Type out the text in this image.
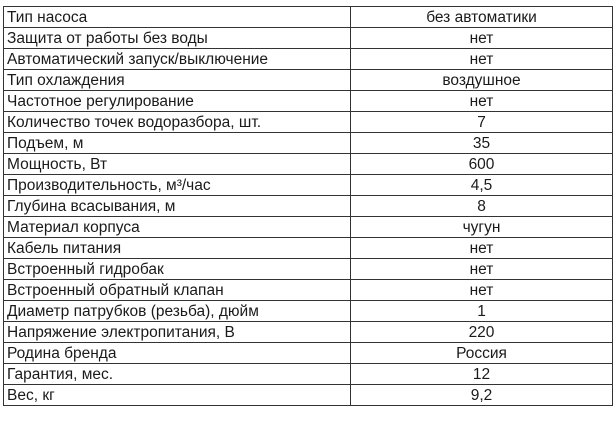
Тип насоса	без автоматики
Защита от работы без воды	нет
Автоматический запуск/выключение	нет
Тип охлаждения	воздушное
Частотное регулирование	нет
Количество точек водоразбора, шт.	7
Подъем, м	35
Мощность, Вт	600
Производительность, м³/час	4,5
Глубина всасывания, м	8
Материал корпуса	чугун
Кабель питания	нет
Встроенный гидробак	нет
Встроенный обратный клапан	нет
Диаметр патрубков (резьба), дюйм	1
Напряжение электропитания, В	220
Родина бренда	Россия
Гарантия, мес.	12
Вес, кг	9,2
